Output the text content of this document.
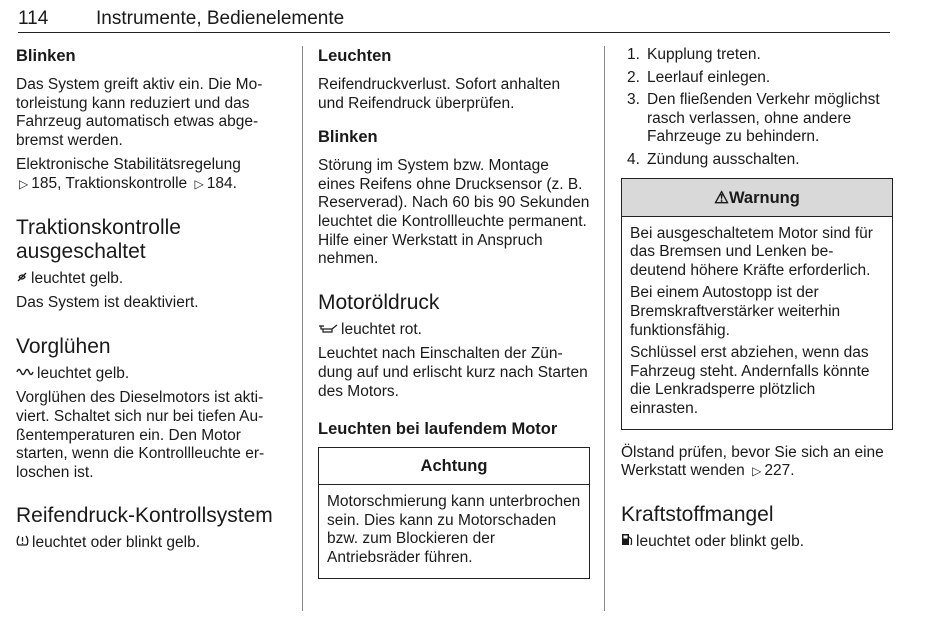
114	Instrumente, Bedienelemente
Blinken

Das System greift aktiv ein. Die Motorleistung kann reduziert und das Fahrzeug automatisch etwas abgebremst werden.

Elektronische Stabilitätsregelung
▷ 185, Traktionskontrolle ▷ 184.

Traktionskontrolle ausgeschaltet

leuchtet gelb.

Das System ist deaktiviert.

Vorglühen

leuchtet gelb.

Vorglühen des Dieselmotors ist aktiviert. Schaltet sich nur bei tiefen Außentemperaturen ein. Den Motor starten, wenn die Kontrollleuchte erloschen ist.

Reifendruck-Kontrollsystem

leuchtet oder blinkt gelb.

Leuchten

Reifendruckverlust. Sofort anhalten und Reifendruck überprüfen.

Blinken

Störung im System bzw. Montage eines Reifens ohne Drucksensor (z. B. Reserverad). Nach 60 bis 90 Sekunden leuchtet die Kontrollleuchte permanent. Hilfe einer Werkstatt in Anspruch nehmen.

Motoröldruck

leuchtet rot.

Leuchtet nach Einschalten der Zündung auf und erlischt kurz nach Starten des Motors.

Leuchten bei laufendem Motor
Achtung

Motorschmierung kann unterbrochen sein. Dies kann zu Motorschaden bzw. zum Blockieren der Antriebsräder führen.

1. Kupplung treten.
2. Leerlauf einlegen.
3. Den fließenden Verkehr möglichst rasch verlassen, ohne andere Fahrzeuge zu behindern.
4. Zündung ausschalten.
⚠Warnung

Bei ausgeschaltetem Motor sind für das Bremsen und Lenken bedeutend höhere Kräfte erforderlich.

Bei einem Autostopp ist der Bremskraftverstärker weiterhin funktionsfähig.

Schlüssel erst abziehen, wenn das Fahrzeug steht. Andernfalls könnte die Lenkradsperre plötzlich einrasten.

Ölstand prüfen, bevor Sie sich an eine Werkstatt wenden ▷ 227.

Kraftstoffmangel

leuchtet oder blinkt gelb.
